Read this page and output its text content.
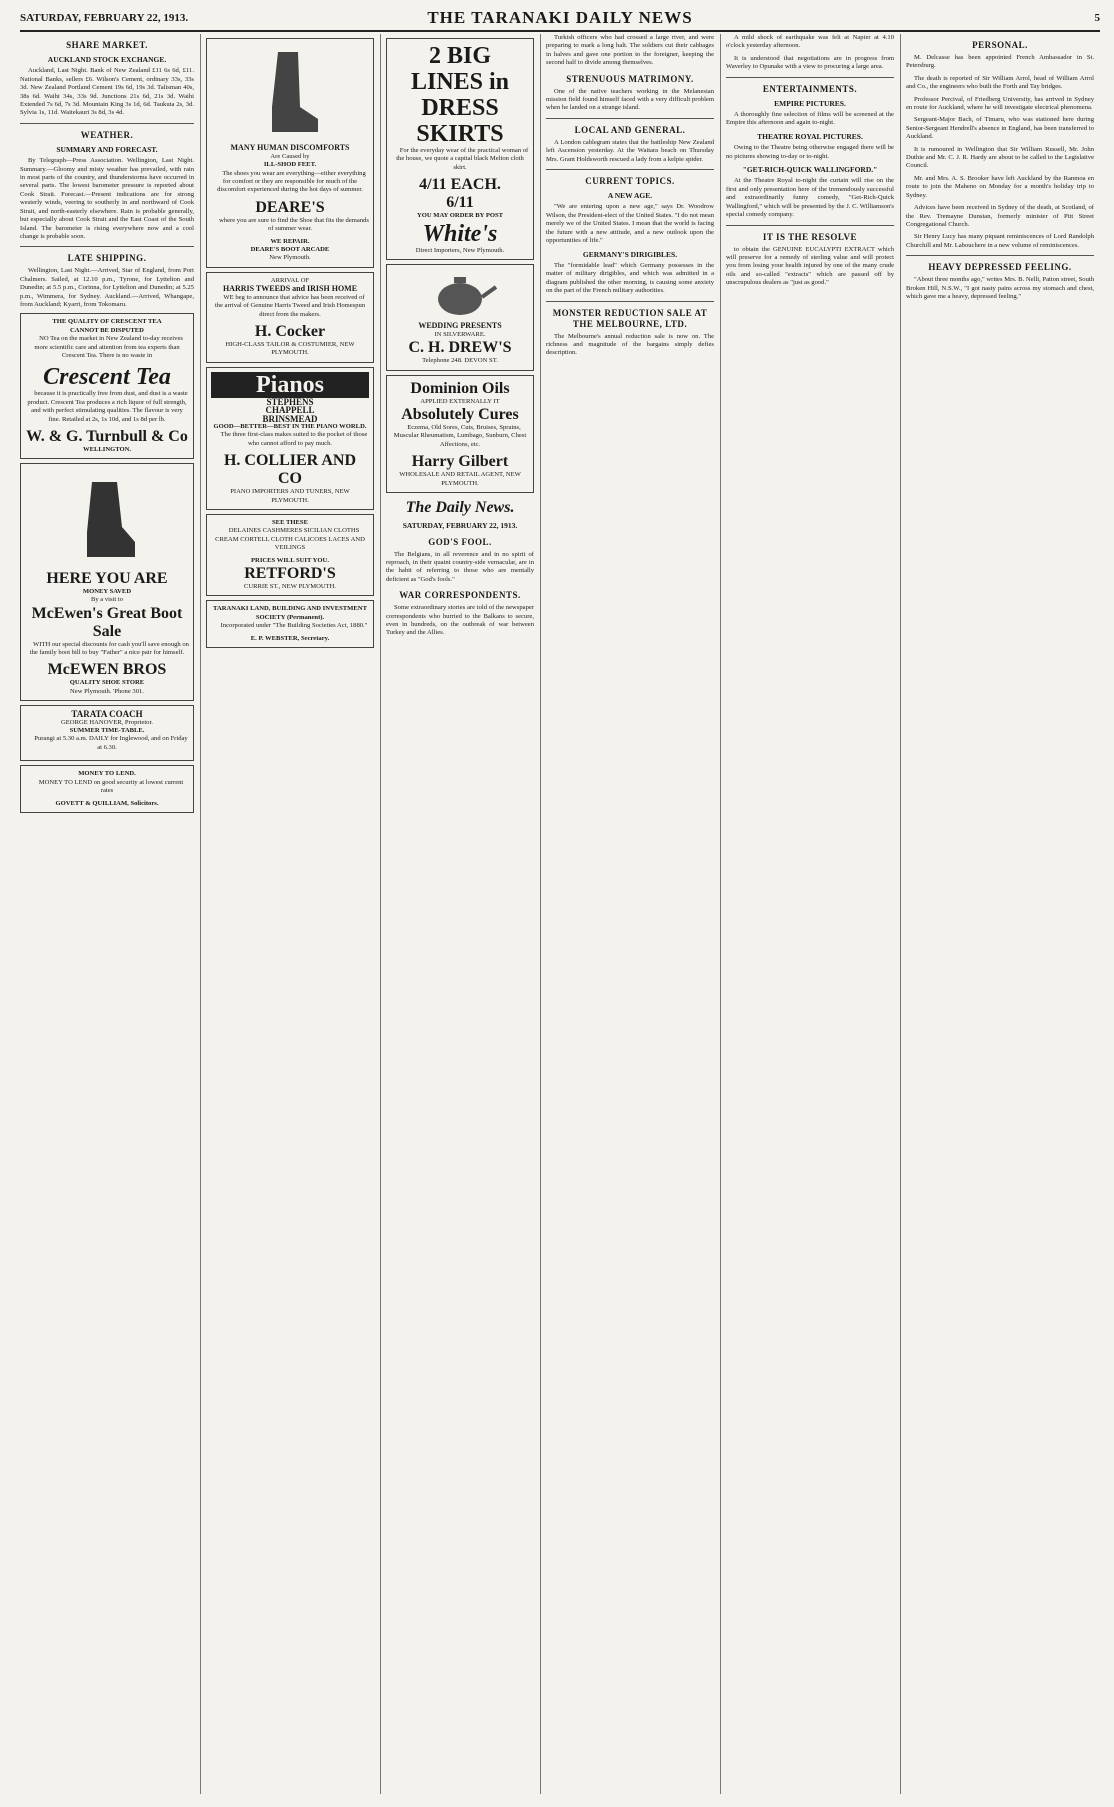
SATURDAY, FEBRUARY 22, 1913.	THE TARANAKI DAILY NEWS	5
SHARE MARKET.
AUCKLAND STOCK EXCHANGE.

Auckland, Last Night. Bank of New Zealand £11 6s 6d, £11. National Banks, sellers £6. Wilson's Cement, ordinary 33s, 33s 3d. New Zealand Portland Cement 19s 6d, 19s 3d. Talisman 40s, 38s 6d. Waihi 34s, 33s 9d. Junctions 21s 6d, 21s 3d. Waihi Extended 7s 6d, 7s 3d. Mountain King 3s 1d, 6d. Taukuta 2s, 3d. Sylvia 1s, 11d. Waitekauri 3s 8d, 3s 4d.

WEATHER.
SUMMARY AND FORECAST.

By Telegraph—Press Association. Wellington, Last Night. Summary.—Gloomy and misty weather has prevailed, with rain in most parts of the country, and thunderstorms have occurred in several parts. The lowest barometer pressure is reported about Cook Strait. Forecast.—Present indications are for strong westerly winds, veering to southerly in and northward of Cook Strait, and north-easterly elsewhere. Rain is probable generally, but especially about Cook Strait and the East Coast of the South Island. The barometer is rising everywhere now and a cool change is probable soon.

LATE SHIPPING.

Wellington, Last Night.—Arrived, Star of England, from Port Chalmers. Sailed, at 12.10 p.m., Tyrone, for Lyttelton and Dunedin; at 5.5 p.m., Corinna, for Lyttelton and Dunedin; at 5.25 p.m., Wimmera, for Sydney. Auckland.—Arrived, Whangape, from Auckland; Kyarri, from Tokomaru.

THE QUALITY OF CRESCENT TEA
CANNOT BE DISPUTED

NO Tea on the market in New Zealand to-day receives more scientific care and attention from tea experts than Crescent Tea. There is no waste in

Crescent Tea

because it is practically free from dust, and dust is a waste product. Crescent Tea produces a rich liquor of full strength, and with perfect stimulating qualities. The flavour is very fine. Retailed at 2s, 1s 10d, and 1s 8d per lb.

W. & G. Turnbull & Co
WELLINGTON.
HERE YOU ARE
MONEY SAVED
By a visit to
McEwen's Great Boot Sale

WITH our special discounts for cash you'll save enough on the family boot bill to buy "Father" a nice pair for himself.

McEWEN BROS
QUALITY SHOE STORE
New Plymouth. 'Phone 301.
TARATA COACH
GEORGE HANOVER, Proprietor.
SUMMER TIME-TABLE.

Purangi at 5.30 a.m. DAILY for Inglewood, and on Friday at 6.30.

MONEY TO LEND.

MONEY TO LEND on good security at lowest current rates

GOVETT & QUILLIAM, Solicitors.
MANY HUMAN DISCOMFORTS
Are Caused by
ILL-SHOD FEET.

The shoes you wear are everything—either everything for comfort or they are responsible for much of the discomfort experienced during the hot days of summer.

DEARE'S

where you are sure to find the Shoe that fits the demands of summer wear.

WE REPAIR.
DEARE'S BOOT ARCADE
New Plymouth.
ARRIVAL OF
HARRIS TWEEDS and IRISH HOME

WE beg to announce that advice has been received of the arrival of Genuine Harris Tweed and Irish Homespun direct from the makers.

H. Cocker
HIGH-CLASS TAILOR & COSTUMIER, NEW PLYMOUTH.
Pianos
STEPHENS
CHAPPELL
BRINSMEAD
GOOD—BETTER—BEST IN THE PIANO WORLD.

The three first-class makes suited to the pocket of those who cannot afford to pay much.

H. COLLIER AND CO
PIANO IMPORTERS AND TUNERS, NEW PLYMOUTH.
SEE THESE

DELAINES CASHMERES SICILIAN CLOTHS CREAM CORTELL CLOTH CALICOES LACES AND VEILINGS

PRICES WILL SUIT YOU.
RETFORD'S
CURRIE ST., NEW PLYMOUTH.
TARANAKI LAND, BUILDING AND INVESTMENT SOCIETY (Permanent).

Incorporated under "The Building Societies Act, 1880."

E. P. WEBSTER, Secretary.
2 BIG LINES in DRESS SKIRTS

For the everyday wear of the practical woman of the house, we quote a capital black Melton cloth skirt.

4/11 EACH.
6/11
YOU MAY ORDER BY POST
White's
Direct Importers, New Plymouth.
WEDDING PRESENTS
IN SILVERWARE.
C. H. DREW'S
Telephone 248. DEVON ST.
Dominion Oils
APPLIED EXTERNALLY IT
Absolutely Cures

Eczema, Old Sores, Cuts, Bruises, Sprains, Muscular Rheumatism, Lumbago, Sunburn, Chest Affections, etc.

Harry Gilbert
WHOLESALE AND RETAIL AGENT, NEW PLYMOUTH.
The Daily News.
SATURDAY, FEBRUARY 22, 1913.
GOD'S FOOL.

The Belgians, in all reverence and in no spirit of reproach, in their quaint country-side vernacular, are in the habit of referring to those who are mentally deficient as "God's fools."

WAR CORRESPONDENTS.

Some extraordinary stories are told of the newspaper correspondents who hurried to the Balkans to secure, even in hundreds, on the outbreak of war between Turkey and the Allies.

Turkish officers who had crossed a large river, and were preparing to mark a long halt. The soldiers cut their cabbages in halves and gave one portion to the foreigner, keeping the second half to divide among themselves.

STRENUOUS MATRIMONY.

One of the native teachers working in the Melanesian mission field found himself faced with a very difficult problem when he landed on a strange island.

LOCAL AND GENERAL.

A London cablegram states that the battleship New Zealand left Ascension yesterday. At the Waitara beach on Thursday Mrs. Grant Holdsworth rescued a lady from a kelpie spider.

CURRENT TOPICS.
A NEW AGE.

"We are entering upon a new age," says Dr. Woodrow Wilson, the President-elect of the United States. "I do not mean merely we of the United States. I mean that the world is facing the future with a new attitude, and a new outlook upon the opportunities of life."

GERMANY'S DIRIGIBLES.

The "formidable lead" which Germany possesses in the matter of military dirigibles, and which was admitted in a diagram published the other morning, is causing some anxiety on the part of the French military authorities.

MONSTER REDUCTION SALE AT THE MELBOURNE, LTD.

The Melbourne's annual reduction sale is now on. The richness and magnitude of the bargains simply defies description.

A mild shock of earthquake was felt at Napier at 4.10 o'clock yesterday afternoon.

It is understood that negotiations are in progress from Waverley to Opunake with a view to procuring a large area.

ENTERTAINMENTS.
EMPIRE PICTURES.

A thoroughly fine selection of films will be screened at the Empire this afternoon and again to-night.

THEATRE ROYAL PICTURES.

Owing to the Theatre being otherwise engaged there will be no pictures showing to-day or to-night.

"GET-RICH-QUICK WALLINGFORD."

At the Theatre Royal to-night the curtain will rise on the first and only presentation here of the tremendously successful and extraordinarily funny comedy, "Get-Rich-Quick Wallingford," which will be presented by the J. C. Williamson's special comedy company.

IT IS THE RESOLVE

to obtain the GENUINE EUCALYPTI EXTRACT which will preserve for a remedy of sterling value and will protect you from losing your health injured by one of the many crude oils and so-called "extracts" which are passed off by unscrupulous dealers as "just as good."

PERSONAL.

M. Delcasse has been appointed French Ambassador in St. Petersburg.

The death is reported of Sir William Arrol, head of William Arrol and Co., the engineers who built the Forth and Tay bridges.

Professor Percival, of Friedberg University, has arrived in Sydney en route for Auckland, where he will investigate electrical phenomena.

Sergeant-Major Bach, of Timaru, who was stationed here during Senior-Sergeant Hendrell's absence in England, has been transferred to Auckland.

It is rumoured in Wellington that Sir William Russell, Mr. John Duthie and Mr. C. J. R. Hardy are about to be called to the Legislative Council.

Mr. and Mrs. A. S. Brooker have left Auckland by the Ranmoa en route to join the Maheno on Monday for a month's holiday trip to Sydney.

Advices have been received in Sydney of the death, at Scotland, of the Rev. Tremayne Dunstan, formerly minister of Pitt Street Congregational Church.

Sir Henry Lucy has many piquant reminiscences of Lord Randolph Churchill and Mr. Labouchere in a new volume of reminiscences.

HEAVY DEPRESSED FEELING.

"About three months ago," writes Mrs. B. Nelli, Patton street, South Broken Hill, N.S.W., "I got nasty pains across my stomach and chest, which gave me a heavy, depressed feeling."
